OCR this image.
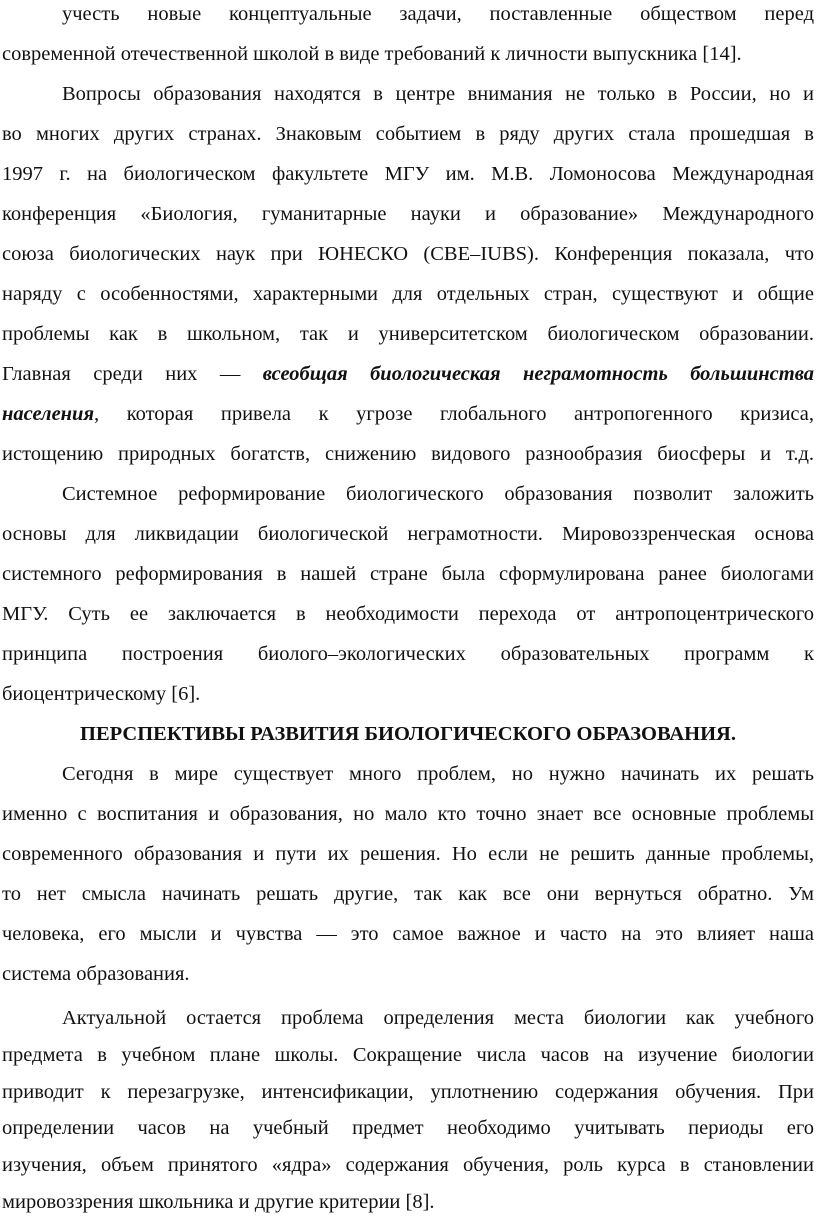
учесть новые концептуальные задачи, поставленные обществом перед
современной отечественной школой в виде требований к личности выпускника [14].
Вопросы образования находятся в центре внимания не только в России, но и
во многих других странах. Знаковым событием в ряду других стала прошедшая в
1997 г. на биологическом факультете МГУ им. М.В. Ломоносова Международная
конференция «Биология, гуманитарные науки и образование» Международного
союза биологических наук при ЮНЕСКО (CBE–IUBS). Конференция показала, что
наряду с особенностями, характерными для отдельных стран, существуют и общие
проблемы как в школьном, так и университетском биологическом образовании.
Главная среди них — всеобщая биологическая неграмотность большинства
населения, которая привела к угрозе глобального антропогенного кризиса,
истощению природных богатств, снижению видового разнообразия биосферы и т.д.
Системное реформирование биологического образования позволит заложить
основы для ликвидации биологической неграмотности. Мировоззренческая основа
системного реформирования в нашей стране была сформулирована ранее биологами
МГУ. Суть ее заключается в необходимости перехода от антропоцентрического
принципа построения биолого–экологических образовательных программ к
биоцентрическому [6].
ПЕРСПЕКТИВЫ РАЗВИТИЯ БИОЛОГИЧЕСКОГО ОБРАЗОВАНИЯ.
Сегодня в мире существует много проблем, но нужно начинать их решать
именно с воспитания и образования, но мало кто точно знает все основные проблемы
современного образования и пути их решения. Но если не решить данные проблемы,
то нет смысла начинать решать другие, так как все они вернуться обратно. Ум
человека, его мысли и чувства — это самое важное и часто на это влияет наша
система образования.
Актуальной остается проблема определения места биологии как учебного
предмета в учебном плане школы. Сокращение числа часов на изучение биологии
приводит к перезагрузке, интенсификации, уплотнению содержания обучения. При
определении часов на учебный предмет необходимо учитывать периоды его
изучения, объем принятого «ядра» содержания обучения, роль курса в становлении
мировоззрения школьника и другие критерии [8].
